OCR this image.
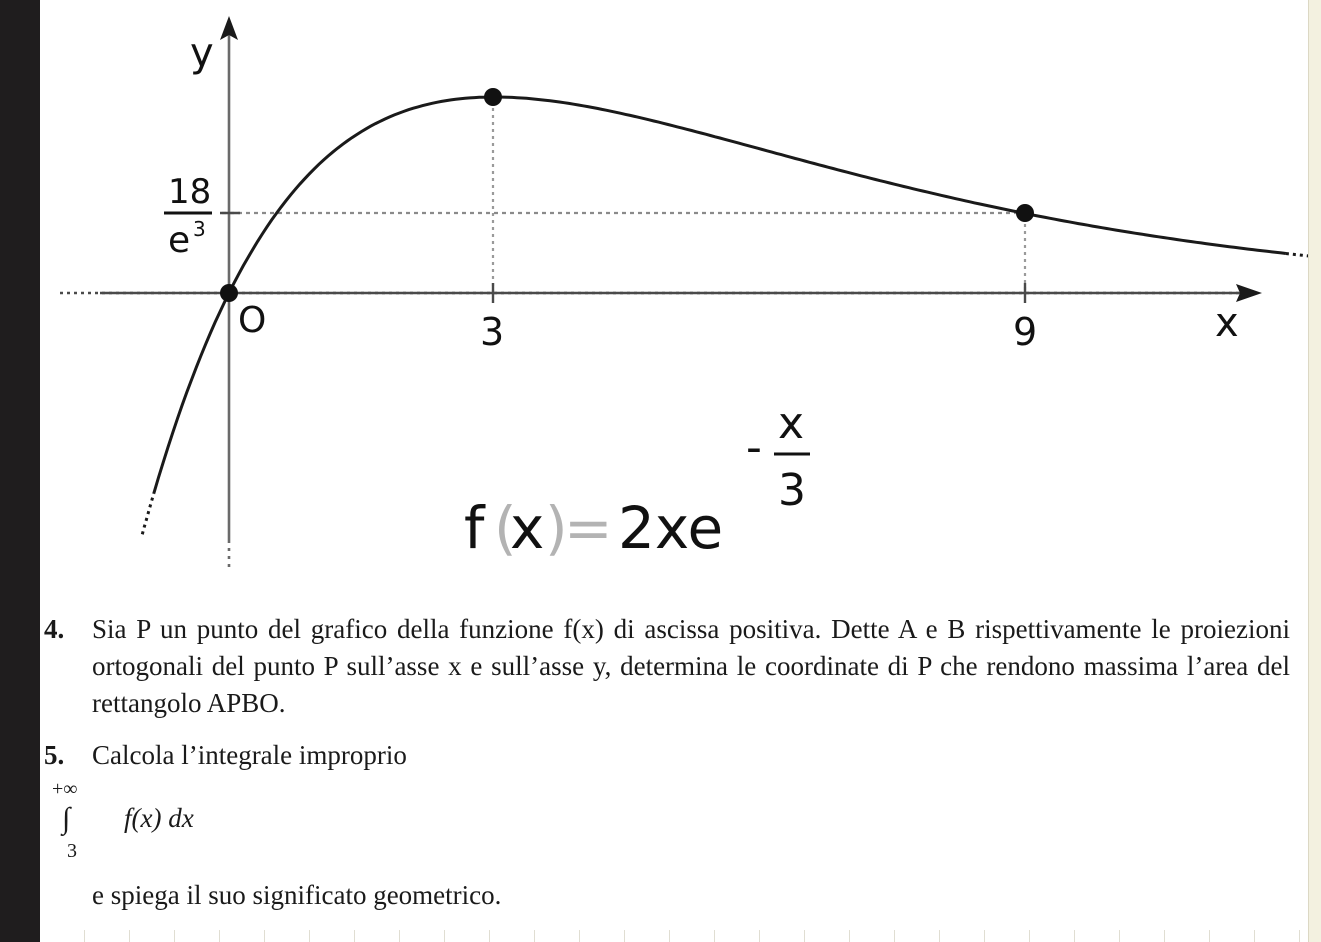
y
x
O	3	9
18
e 3
f (
x )
= 2xe
- x
3
4. Sia P un punto del grafico della funzione f(x) di ascissa positiva. Dette A e B rispettivamente le proiezioni ortogonali del punto P sull’asse x e sull’asse y, determina le coordinate di P che rendono massima l’area del rettangolo APBO.
5. Calcola l’integrale improprio
+∞
∫
3
f(x) dx
e spiega il suo significato geometrico.
